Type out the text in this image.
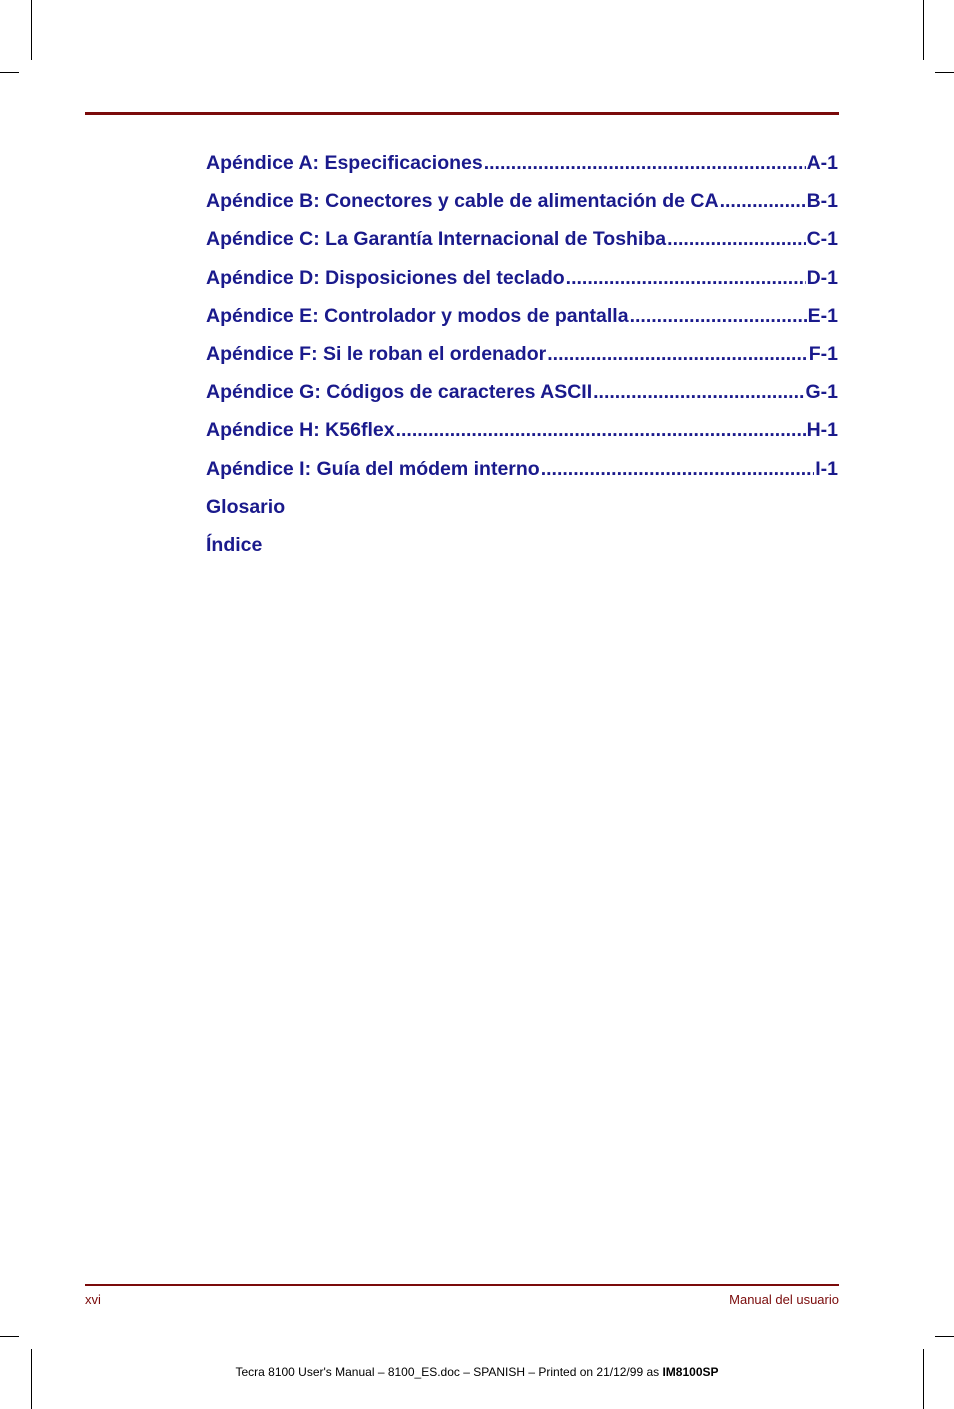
Apéndice A: Especificaciones .....	A-1
Apéndice B: Conectores y cable de alimentación de CA .....	B-1
Apéndice C: La Garantía Internacional de Toshiba .....	C-1
Apéndice D: Disposiciones del teclado .....	D-1
Apéndice E: Controlador y modos de pantalla .....	E-1
Apéndice F: Si le roban el ordenador .....	F-1
Apéndice G: Códigos de caracteres ASCII .....	G-1
Apéndice H: K56flex .....	H-1
Apéndice I: Guía del módem interno .....	I-1
Glosario
Índice
xvi	Manual del usuario
Tecra 8100 User's Manual – 8100_ES.doc – SPANISH – Printed on 21/12/99 as IM8100SP
